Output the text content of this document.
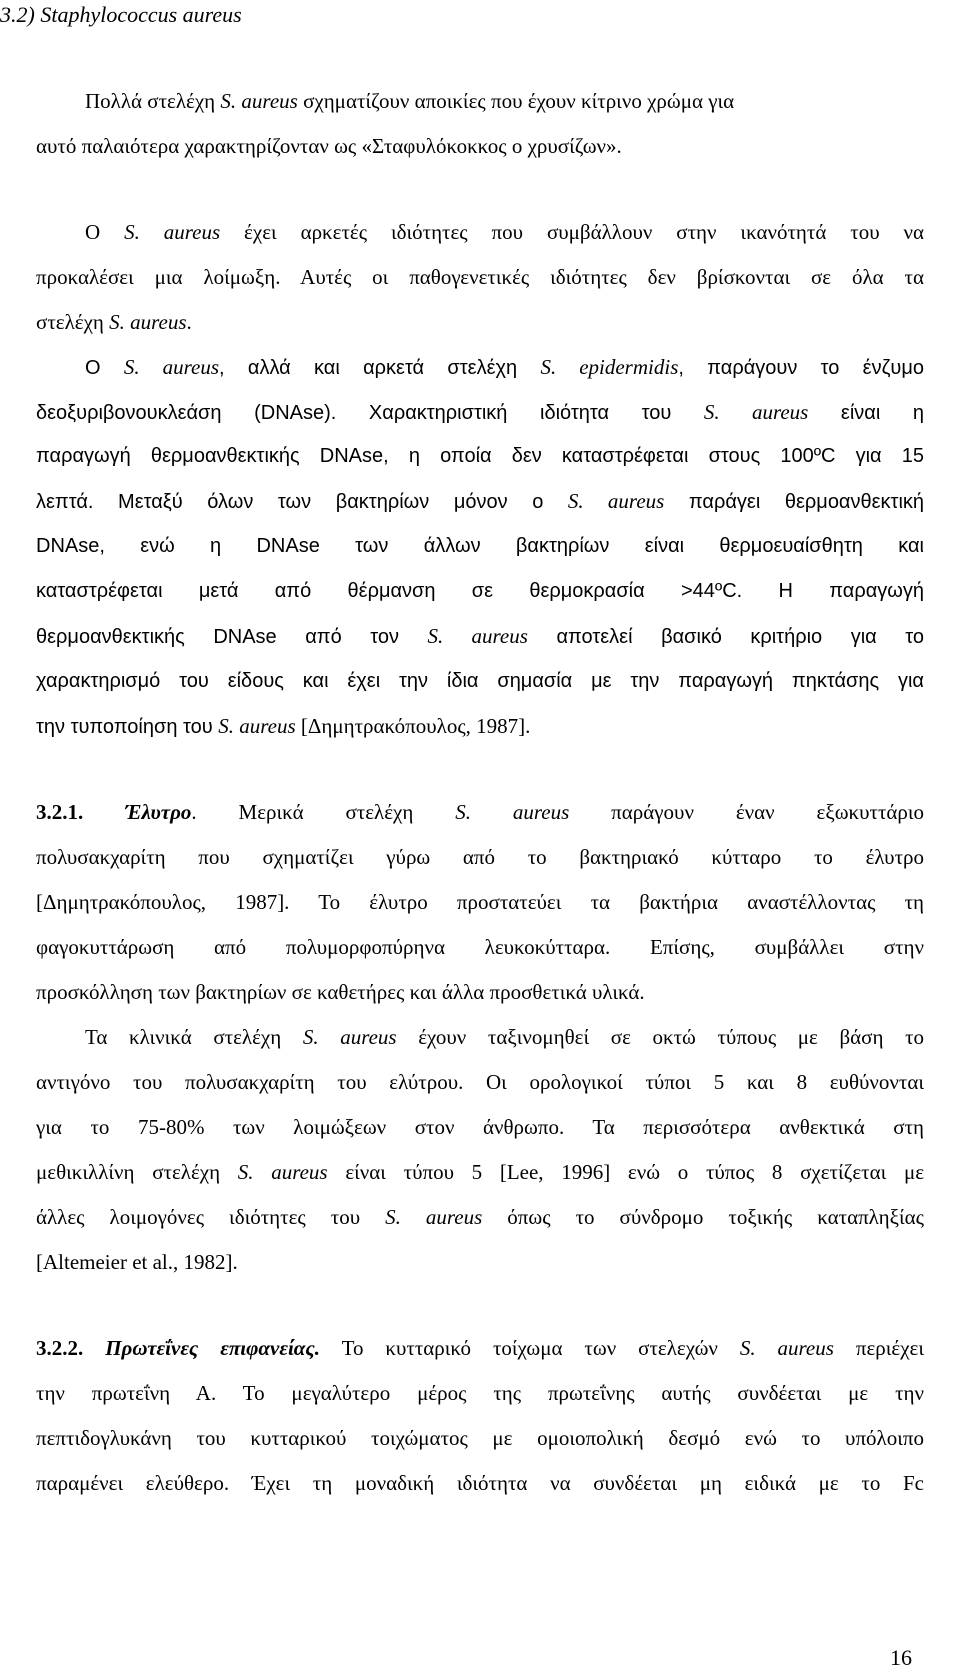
3.2) Staphylococcus aureus

Πολλά στελέχη S. aureus σχηματίζουν αποικίες που έχουν κίτρινο χρώμα για

αυτό παλαιότερα χαρακτηρίζονταν ως «Σταφυλόκοκκος ο χρυσίζων».

Ο S. aureus έχει αρκετές ιδιότητες που συμβάλλουν στην ικανότητά του να

προκαλέσει μια λοίμωξη. Αυτές οι παθογενετικές ιδιότητες δεν βρίσκονται σε όλα τα

στελέχη S. aureus.

Ο S. aureus, αλλά και αρκετά στελέχη S. epidermidis, παράγουν το ένζυμο

δεοξυριβονουκλεάση (DNAse). Χαρακτηριστική ιδιότητα του S. aureus είναι η

παραγωγή θερμοανθεκτικής DNAse, η οποία δεν καταστρέφεται στους 100ºC για 15

λεπτά. Μεταξύ όλων των βακτηρίων μόνον ο S. aureus παράγει θερμοανθεκτική

DNAse, ενώ η DNAse των άλλων βακτηρίων είναι θερμοευαίσθητη και

καταστρέφεται μετά από θέρμανση σε θερμοκρασία >44ºC. Η παραγωγή

θερμοανθεκτικής DNAse από τον S. aureus αποτελεί βασικό κριτήριο για το

χαρακτηρισμό του είδους και έχει την ίδια σημασία με την παραγωγή πηκτάσης για

την τυποποίηση του S. aureus [Δημητρακόπουλος, 1987].

3.2.1. Έλυτρο. Μερικά στελέχη S. aureus παράγουν έναν εξωκυττάριο

πολυσακχαρίτη που σχηματίζει γύρω από το βακτηριακό κύτταρο το έλυτρο

[Δημητρακόπουλος, 1987]. Το έλυτρο προστατεύει τα βακτήρια αναστέλλοντας τη

φαγοκυττάρωση από πολυμορφοπύρηνα λευκοκύτταρα. Επίσης, συμβάλλει στην

προσκόλληση των βακτηρίων σε καθετήρες και άλλα προσθετικά υλικά.

Τα κλινικά στελέχη S. aureus έχουν ταξινομηθεί σε οκτώ τύπους με βάση το

αντιγόνο του πολυσακχαρίτη του ελύτρου. Οι ορολογικοί τύποι 5 και 8 ευθύνονται

για το 75-80% των λοιμώξεων στον άνθρωπο. Τα περισσότερα ανθεκτικά στη

μεθικιλλίνη στελέχη S. aureus είναι τύπου 5 [Lee, 1996] ενώ ο τύπος 8 σχετίζεται με

άλλες λοιμογόνες ιδιότητες του S. aureus όπως το σύνδρομο τοξικής καταπληξίας

[Altemeier et al., 1982].

3.2.2. Πρωτεΐνες επιφανείας. Το κυτταρικό τοίχωμα των στελεχών S. aureus περιέχει

την πρωτεΐνη Α. Το μεγαλύτερο μέρος της πρωτεΐνης αυτής συνδέεται με την

πεπτιδογλυκάνη του κυτταρικού τοιχώματος με ομοιοπολική δεσμό ενώ το υπόλοιπο

παραμένει ελεύθερο. Έχει τη μοναδική ιδιότητα να συνδέεται μη ειδικά με το Fc

16
